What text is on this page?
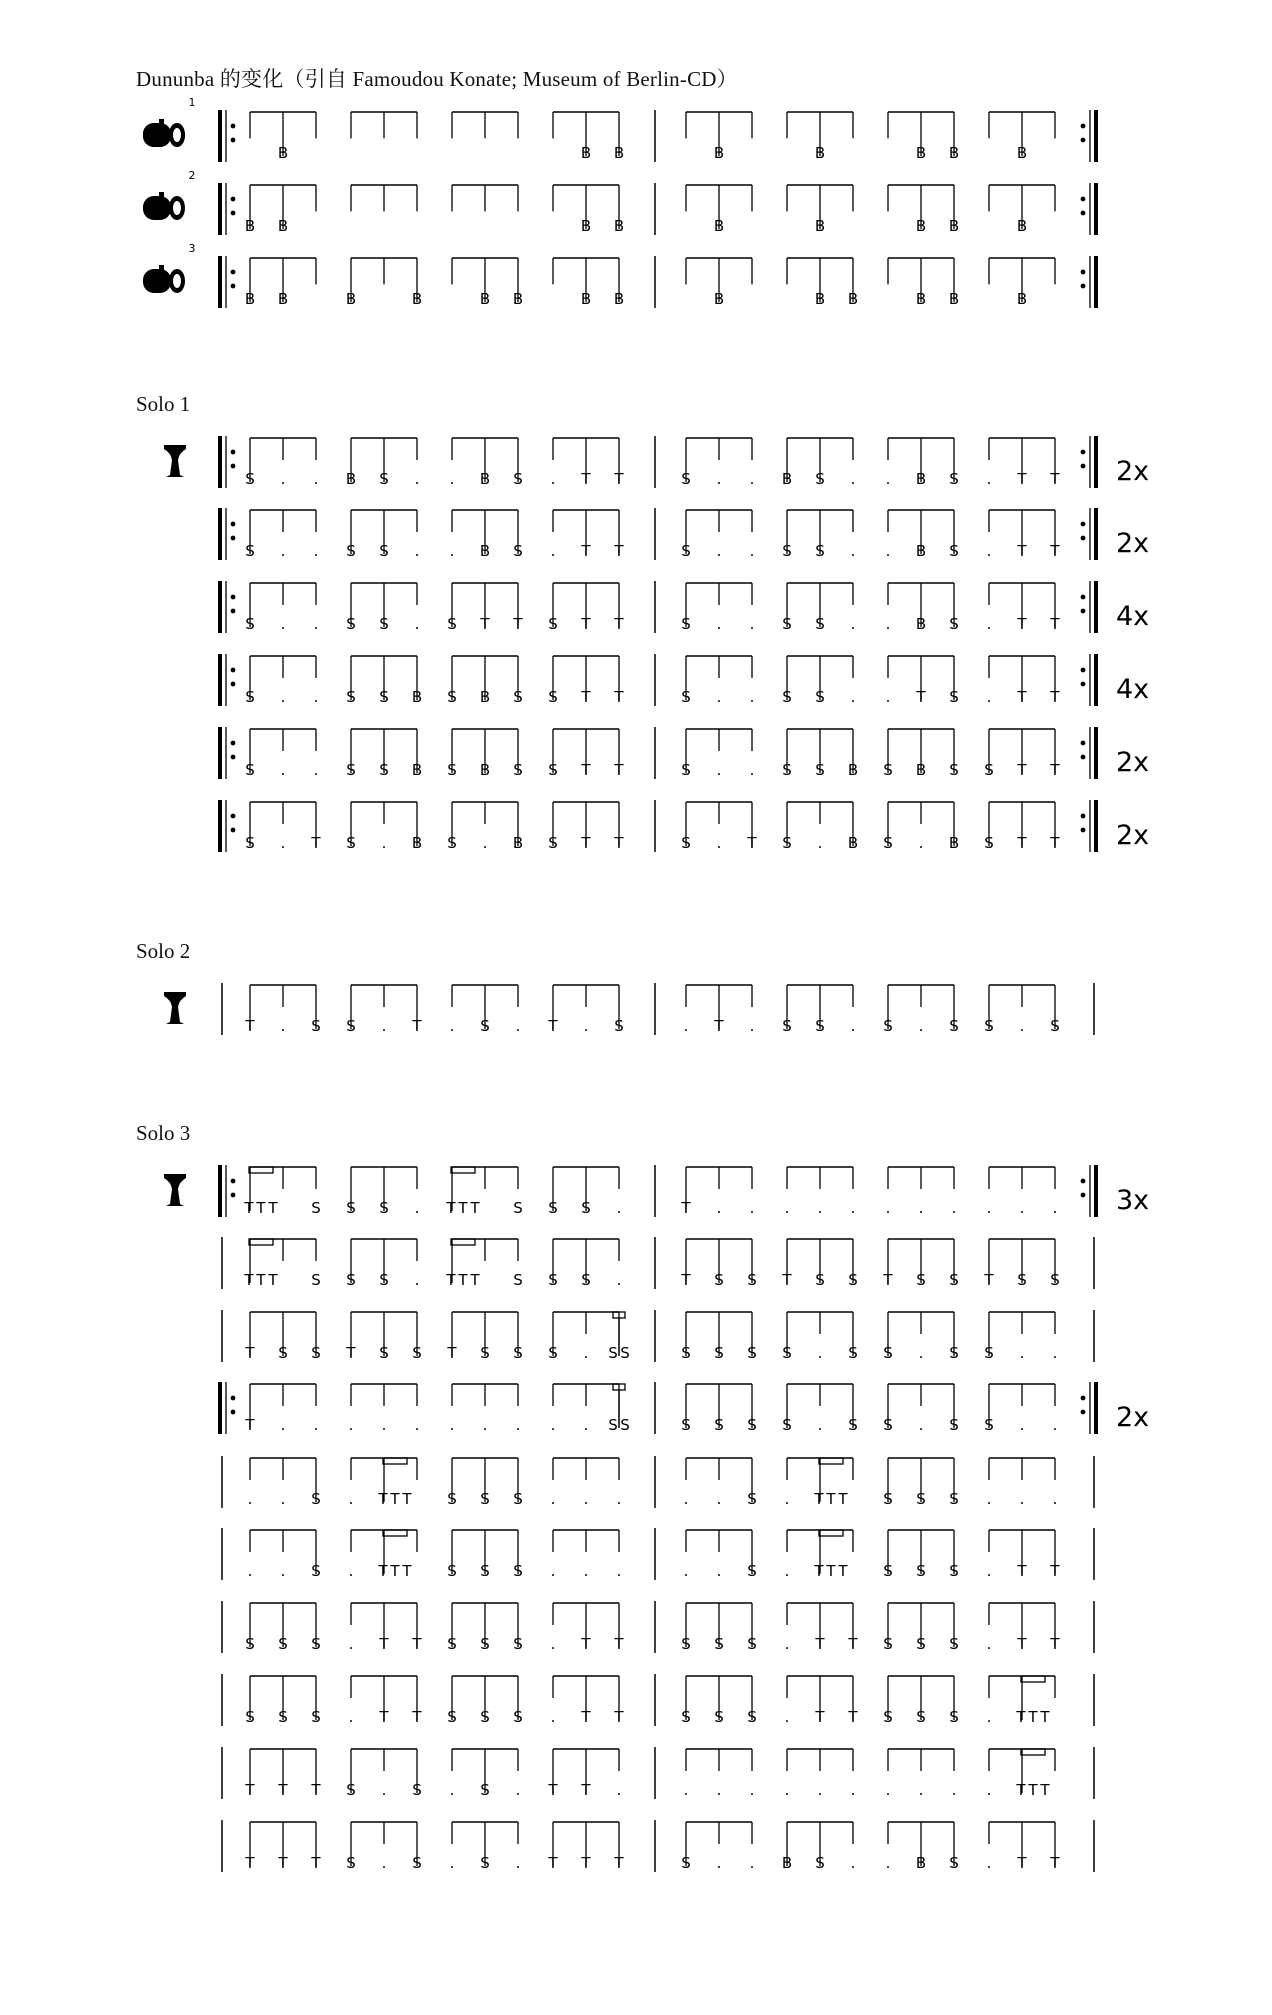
Dununba 的变化（引自 Famoudou Konate; Museum of Berlin-CD）
Solo 1
Solo 2
Solo 3
1
B	B B	B	B	B B	B
2
B B	B B	B	B	B B	B
3
B B	B	B	B B	B B	B	B B	B B	B
2x
S . . B S . . B S . T T	S . . B S . . B S . T T
2x
S . . S S . . B S . T T	S . . S S . . B S . T T
4x
S . . S S . S T T S T T	S . . S S . . B S . T T
4x
S . . S S B S B S S T T	S . . S S . . T S . T T
2x
S . . S S B S B S S T T	S . . S S B S B S S T T
2x
S . T S . B S . B S T T	S . T S . B S . B S T T
T . S S . T . S . T . S	. T . S S . S . S S . S
3x
T T T S S S . T T T S S S .	T . . . . . . . . . . .
T T T S S S . T T T S S S .	T S S T S S T S S T S S
T S S T S S T S S S . S S	S S S S . S S . S S . .
2x
T . . . . . . . . . . S S	S S S S . S S . S S . .
. . S . T T T S S S . . .	. . S . T T T S S S . . .
. . S . T T T S S S . . .	. . S . T T T S S S . T T
S S S . T T S S S . T T	S S S . T T S S S . T T
S S S . T T S S S . T T	S S S . T T S S S . T T T
T T T S . S . S . T T .	. . . . . . . . . . T T T
T T T S . S . S . T T T	S . . B S . . B S . T T
